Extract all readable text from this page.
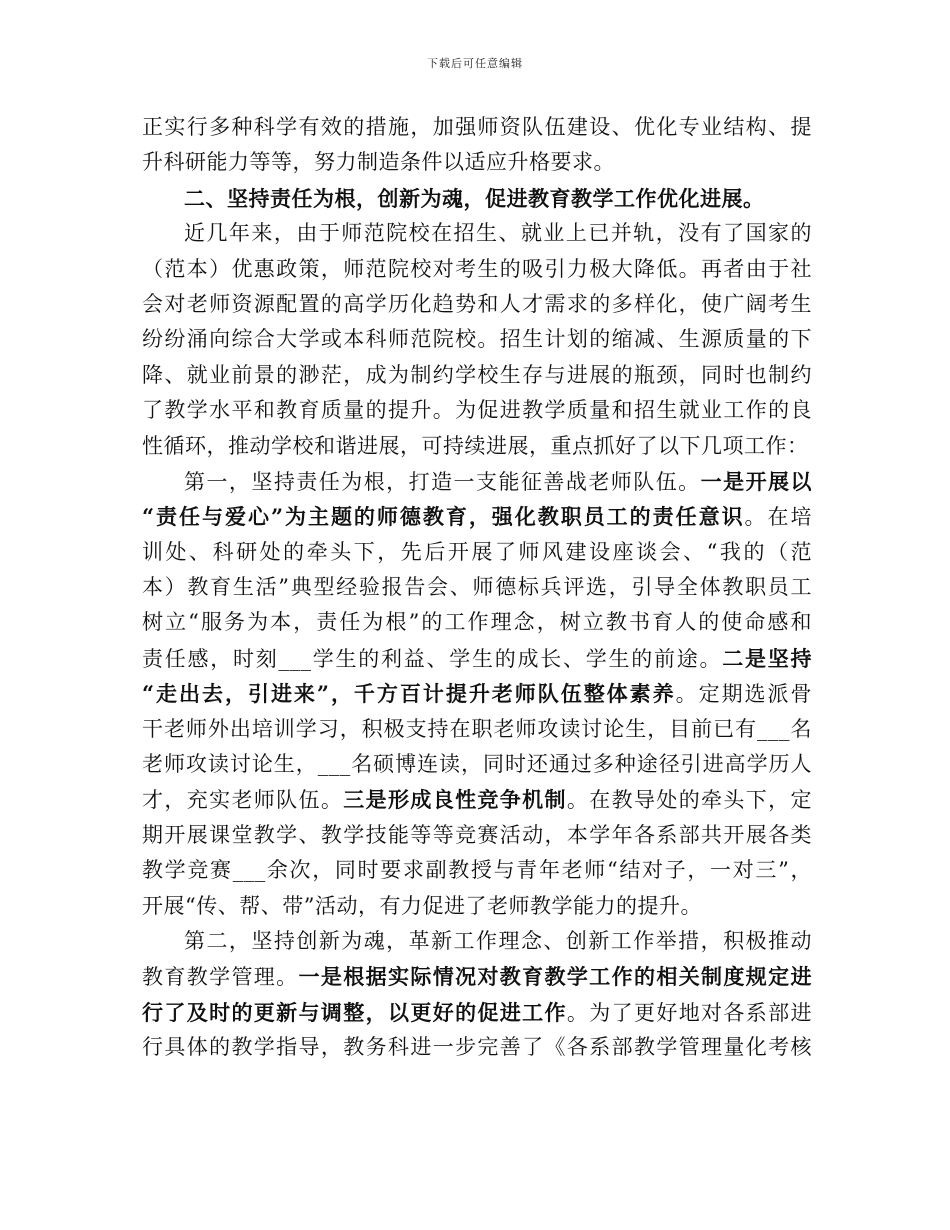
下载后可任意编辑
正实行多种科学有效的措施，加强师资队伍建设、优化专业结构、提
升科研能力等等，努力制造条件以适应升格要求。
二、坚持责任为根，创新为魂，促进教育教学工作优化进展。
近几年来，由于师范院校在招生、就业上已并轨，没有了国家的
（范本）优惠政策，师范院校对考生的吸引力极大降低。再者由于社
会对老师资源配置的高学历化趋势和人才需求的多样化，使广阔考生
纷纷涌向综合大学或本科师范院校。招生计划的缩减、生源质量的下
降、就业前景的渺茫，成为制约学校生存与进展的瓶颈，同时也制约
了教学水平和教育质量的提升。为促进教学质量和招生就业工作的良
性循环，推动学校和谐进展，可持续进展，重点抓好了以下几项工作：
第一，坚持责任为根，打造一支能征善战老师队伍。一是开展以
“责任与爱心”为主题的师德教育，强化教职员工的责任意识。在培
训处、科研处的牵头下，先后开展了师风建设座谈会、“我的（范
本）教育生活”典型经验报告会、师德标兵评选，引导全体教职员工
树立“服务为本，责任为根”的工作理念，树立教书育人的使命感和
责任感，时刻___学生的利益、学生的成长、学生的前途。二是坚持
“走出去，引进来”，千方百计提升老师队伍整体素养。定期选派骨
干老师外出培训学习，积极支持在职老师攻读讨论生，目前已有___名
老师攻读讨论生，___名硕博连读，同时还通过多种途径引进高学历人
才，充实老师队伍。三是形成良性竞争机制。在教导处的牵头下，定
期开展课堂教学、教学技能等等竞赛活动，本学年各系部共开展各类
教学竞赛___余次，同时要求副教授与青年老师“结对子，一对三”，
开展“传、帮、带”活动，有力促进了老师教学能力的提升。
第二，坚持创新为魂，革新工作理念、创新工作举措，积极推动
教育教学管理。一是根据实际情况对教育教学工作的相关制度规定进
行了及时的更新与调整，以更好的促进工作。为了更好地对各系部进
行具体的教学指导，教务科进一步完善了《各系部教学管理量化考核
